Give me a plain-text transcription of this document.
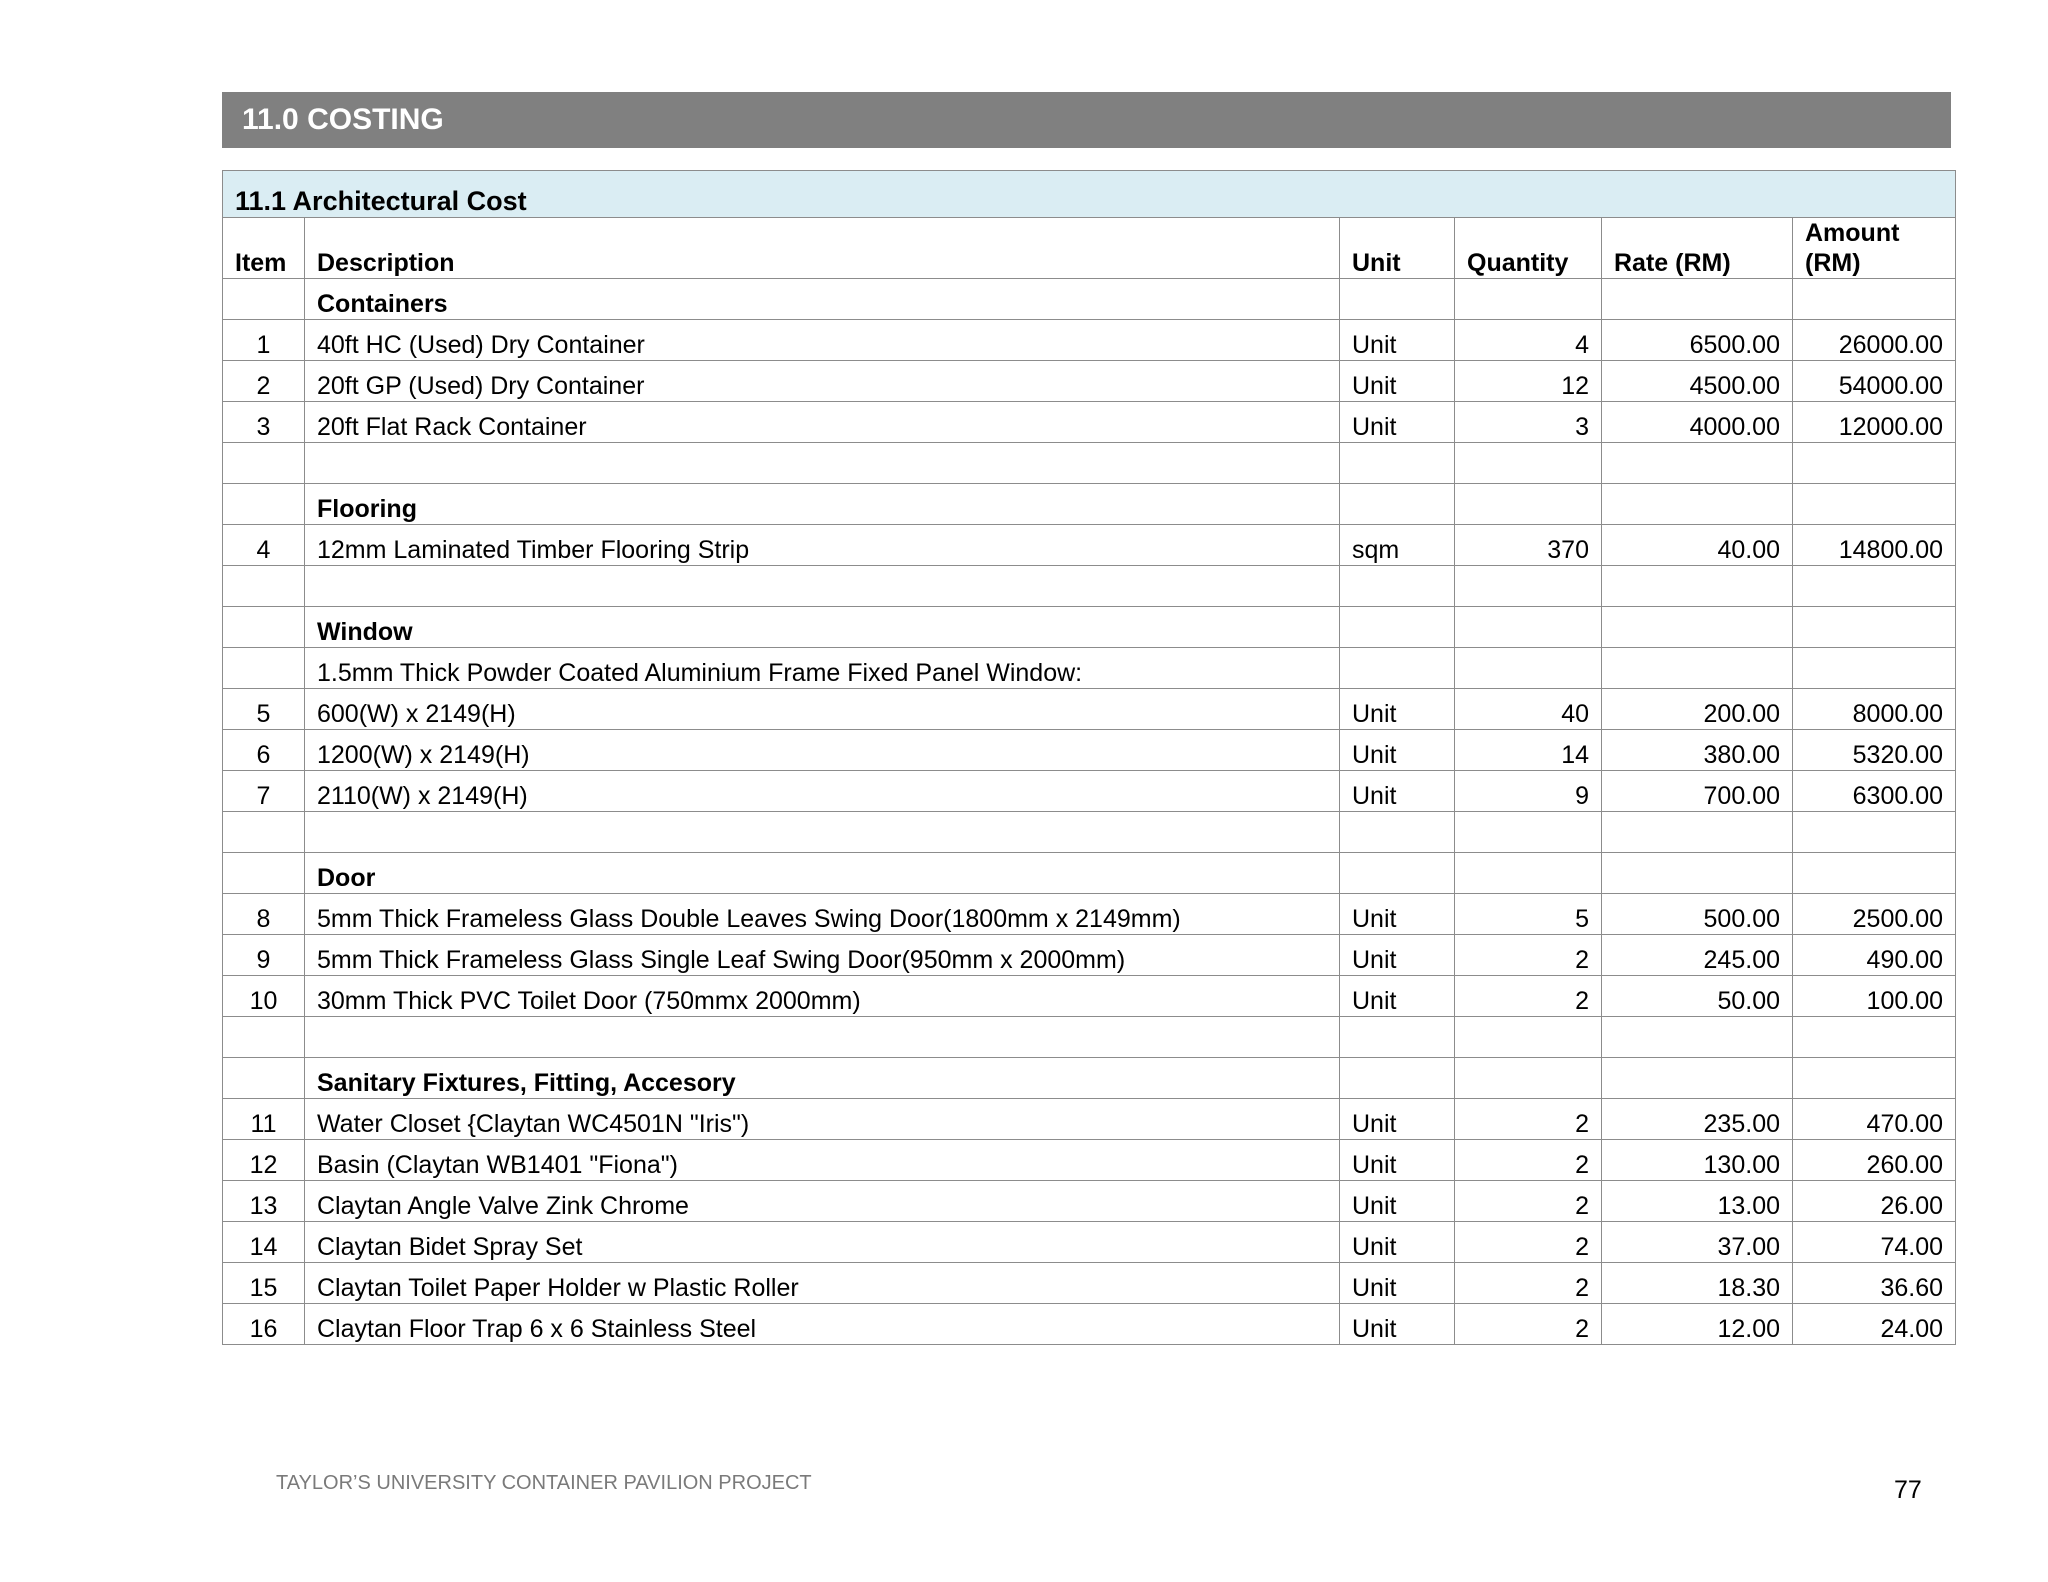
11.0 COSTING
11.1 Architectural Cost					
Item	Description	Unit	Quantity	Rate (RM)	Amount
(RM)
	Containers				
1	40ft HC (Used) Dry Container	Unit	4	6500.00	26000.00
2	20ft GP (Used) Dry Container	Unit	12	4500.00	54000.00
3	20ft Flat Rack Container	Unit	3	4000.00	12000.00

	Flooring				
4	12mm Laminated Timber Flooring Strip	sqm	370	40.00	14800.00

	Window				
	1.5mm Thick Powder Coated Aluminium Frame Fixed Panel Window:				
5	600(W) x 2149(H)	Unit	40	200.00	8000.00
6	1200(W) x 2149(H)	Unit	14	380.00	5320.00
7	2110(W) x 2149(H)	Unit	9	700.00	6300.00

	Door				
8	5mm Thick Frameless Glass Double Leaves Swing Door(1800mm x 2149mm)	Unit	5	500.00	2500.00
9	5mm Thick Frameless Glass Single Leaf Swing Door(950mm x 2000mm)	Unit	2	245.00	490.00
10	30mm Thick PVC Toilet Door (750mmx 2000mm)	Unit	2	50.00	100.00

	Sanitary Fixtures, Fitting, Accesory				
11	Water Closet {Claytan WC4501N "Iris")	Unit	2	235.00	470.00
12	Basin (Claytan WB1401 "Fiona")	Unit	2	130.00	260.00
13	Claytan Angle Valve Zink Chrome	Unit	2	13.00	26.00
14	Claytan Bidet Spray Set	Unit	2	37.00	74.00
15	Claytan Toilet Paper Holder w Plastic Roller	Unit	2	18.30	36.60
16	Claytan Floor Trap 6 x 6 Stainless Steel	Unit	2	12.00	24.00
TAYLOR’S UNIVERSITY CONTAINER PAVILION PROJECT	77
